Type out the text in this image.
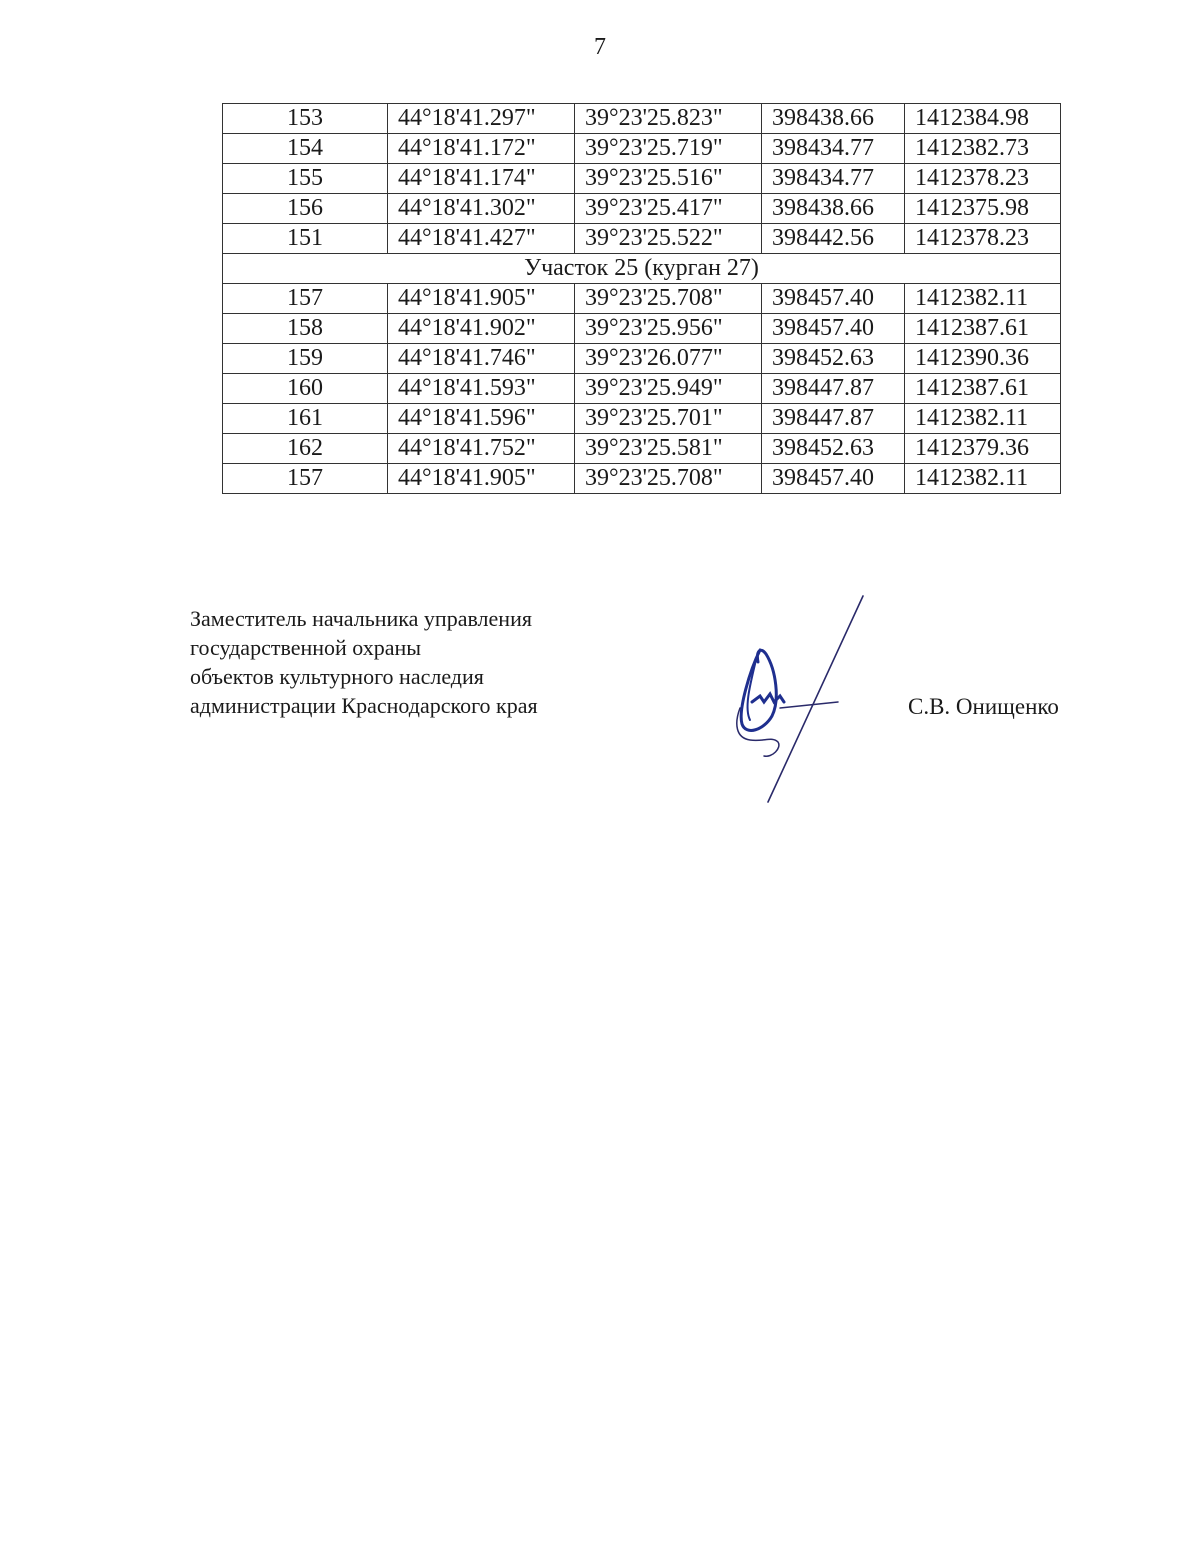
7
153	44°18'41.297"	39°23'25.823"	398438.66	1412384.98
154	44°18'41.172"	39°23'25.719"	398434.77	1412382.73
155	44°18'41.174"	39°23'25.516"	398434.77	1412378.23
156	44°18'41.302"	39°23'25.417"	398438.66	1412375.98
151	44°18'41.427"	39°23'25.522"	398442.56	1412378.23
Участок 25 (курган 27)				
157	44°18'41.905"	39°23'25.708"	398457.40	1412382.11
158	44°18'41.902"	39°23'25.956"	398457.40	1412387.61
159	44°18'41.746"	39°23'26.077"	398452.63	1412390.36
160	44°18'41.593"	39°23'25.949"	398447.87	1412387.61
161	44°18'41.596"	39°23'25.701"	398447.87	1412382.11
162	44°18'41.752"	39°23'25.581"	398452.63	1412379.36
157	44°18'41.905"	39°23'25.708"	398457.40	1412382.11
Заместитель начальника управления
государственной охраны
объектов культурного наследия
администрации Краснодарского края	С.В. Онищенко
